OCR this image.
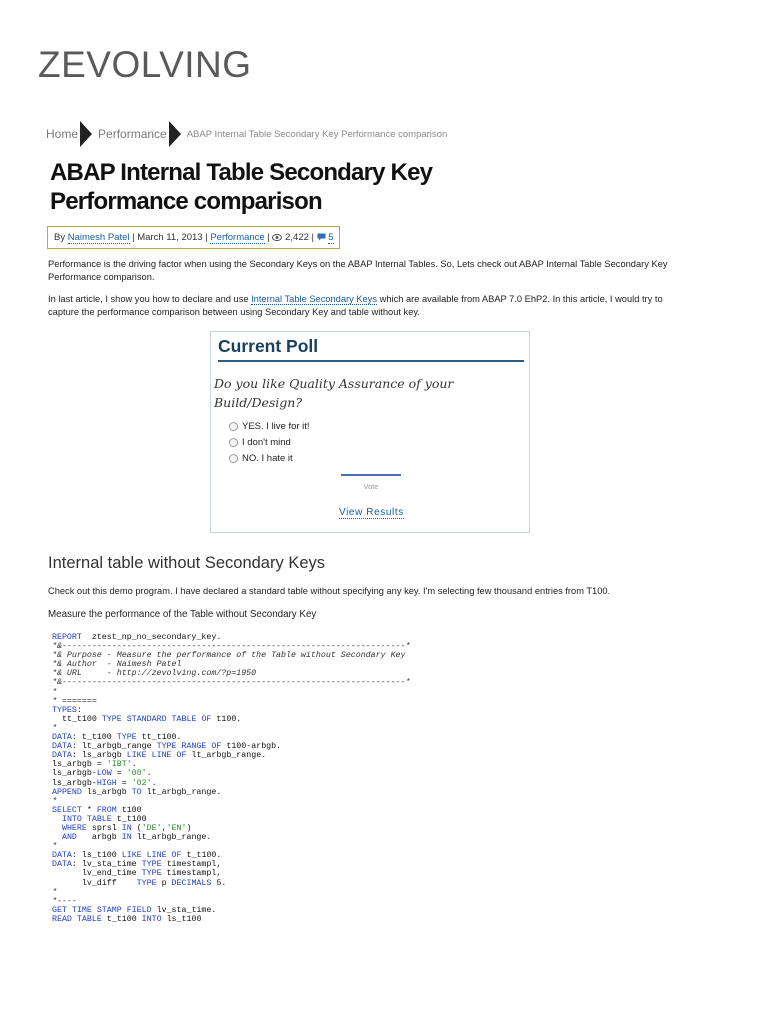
ZEVOLVING
Home Performance ABAP Internal Table Secondary Key Performance comparison
ABAP Internal Table Secondary Key
Performance comparison
By Naimesh Patel | March 11, 2013 | Performance | 2,422 | 5

Performance is the driving factor when using the Secondary Keys on the ABAP Internal Tables. So, Lets check out ABAP Internal Table Secondary Key Performance comparison.

In last article, I show you how to declare and use Internal Table Secondary Keys which are available from ABAP 7.0 EhP2. In this article, I would try to capture the performance comparison between using Secondary Key and table without key.

Current Poll
Do you like Quality Assurance of your Build/Design?
YES. I live for it!
I don't mind
NO. I hate it
Vote
View Results
Internal table without Secondary Keys

Check out this demo program. I have declared a standard table without specifying any key. I'm selecting few thousand entries from T100.

Measure the performance of the Table without Secondary Key

REPORT ztest_np_no_secondary_key.
*&---------------------------------------------------------------------*
*& Purpose - Measure the performance of the Table without Secondary Key
*& Author  - Naimesh Patel
*& URL     - http://zevolving.com/?p=1950
*&---------------------------------------------------------------------*
*
* =======
TYPES:
tt_t100 TYPE STANDARD TABLE OF t100.
*
DATA: t_t100 TYPE tt_t100.
DATA: lt_arbgb_range TYPE RANGE OF t100-arbgb.
DATA: ls_arbgb LIKE LINE OF lt_arbgb_range.
ls_arbgb = 'IBT'.
ls_arbgb-LOW = '00'.
ls_arbgb-HIGH = '02'.
APPEND ls_arbgb TO lt_arbgb_range.
*
SELECT * FROM t100
INTO TABLE t_t100
WHERE sprsl IN ('DE','EN')
AND arbgb IN lt_arbgb_range.
*
DATA: ls_t100 LIKE LINE OF t_t100.
DATA: lv_sta_time TYPE timestampl,
lv_end_time TYPE timestampl,
lv_diff TYPE p DECIMALS 5.
*
*----
GET TIME STAMP FIELD lv_sta_time.
READ TABLE t_t100 INTO ls_t100
